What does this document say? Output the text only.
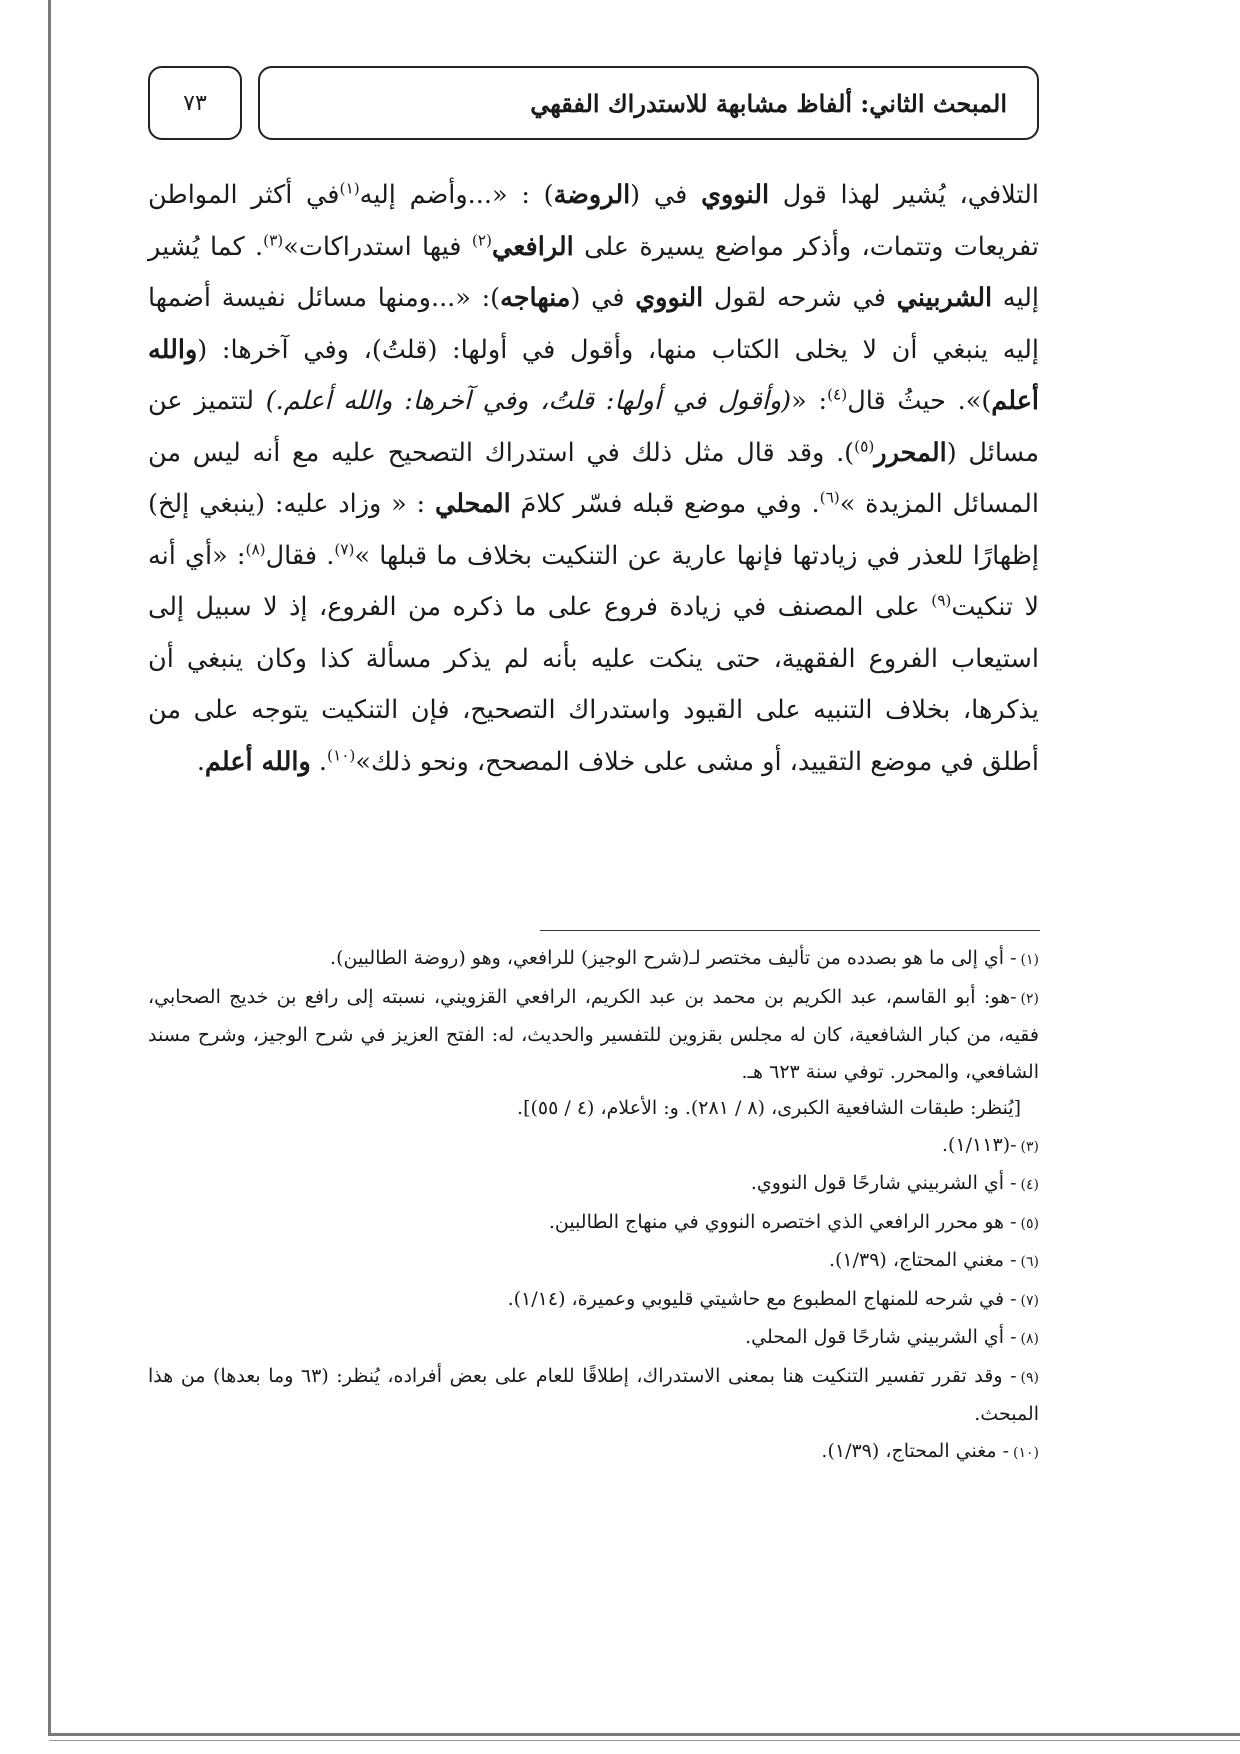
المبحث الثاني: ألفاظ مشابهة للاستدراك الفقهي
٧٣
التلافي، يُشير لهذا قول النووي في (الروضة) : «...وأضم إليه$^{(١)}$في أكثر المواطن تفريعات وتتمات، وأذكر مواضع يسيرة على الرافعي$^{(٢)}$ فيها استدراكات»$^{(٣)}$. كما يُشير إليه الشربيني في شرحه لقول النووي في (منهاجه): «...ومنها مسائل نفيسة أضمها إليه ينبغي أن لا يخلى الكتاب منها، وأقول في أولها: (قلتُ)، وفي آخرها: (والله أعلم)». حيثُ قال$^{(٤)}$: «(وأقول في أولها: قلتُ، وفي آخرها: والله أعلم.) لتتميز عن مسائل (المحرر$^{(٥)}$). وقد قال مثل ذلك في استدراك التصحيح عليه مع أنه ليس من المسائل المزيدة »$^{(٦)}$. وفي موضع قبله فسّر كلامَ المحلي : « وزاد عليه: (ينبغي إلخ) إظهارًا للعذر في زيادتها فإنها عارية عن التنكيت بخلاف ما قبلها »$^{(٧)}$. فقال$^{(٨)}$: «أي أنه لا تنكيت$^{(٩)}$ على المصنف في زيادة فروع على ما ذكره من الفروع، إذ لا سبيل إلى استيعاب الفروع الفقهية، حتى ينكت عليه بأنه لم يذكر مسألة كذا وكان ينبغي أن يذكرها، بخلاف التنبيه على القيود واستدراك التصحيح، فإن التنكيت يتوجه على من أطلق في موضع التقييد، أو مشى على خلاف المصحح، ونحو ذلك»$^{(١٠)}$. والله أعلم.

(١)- أي إلى ما هو بصدده من تأليف مختصر لـ(شرح الوجيز) للرافعي، وهو (روضة الطالبين).

(٢)-هو: أبو القاسم، عبد الكريم بن محمد بن عبد الكريم، الرافعي القزويني، نسبته إلى رافع بن خديج الصحابي، فقيه، من كبار الشافعية، كان له مجلس بقزوين للتفسير والحديث، له: الفتح العزيز في شرح الوجيز، وشرح مسند الشافعي، والمحرر. توفي سنة ٦٢٣ هـ.

[يُنظر: طبقات الشافعية الكبرى، (٨ / ٢٨١). و: الأعلام، (٤ / ٥٥)].

(٣)-(١/١١٣).

(٤)- أي الشربيني شارحًا قول النووي.

(٥)- هو محرر الرافعي الذي اختصره النووي في منهاج الطالبين.

(٦)- مغني المحتاج، (١/٣٩).

(٧)- في شرحه للمنهاج المطبوع مع حاشيتي قليوبي وعميرة، (١/١٤).

(٨)- أي الشربيني شارحًا قول المحلي.

(٩)- وقد تقرر تفسير التنكيت هنا بمعنى الاستدراك، إطلاقًا للعام على بعض أفراده، يُنظر: (٦٣ وما بعدها) من هذا المبحث.

(١٠)- مغني المحتاج، (١/٣٩).
